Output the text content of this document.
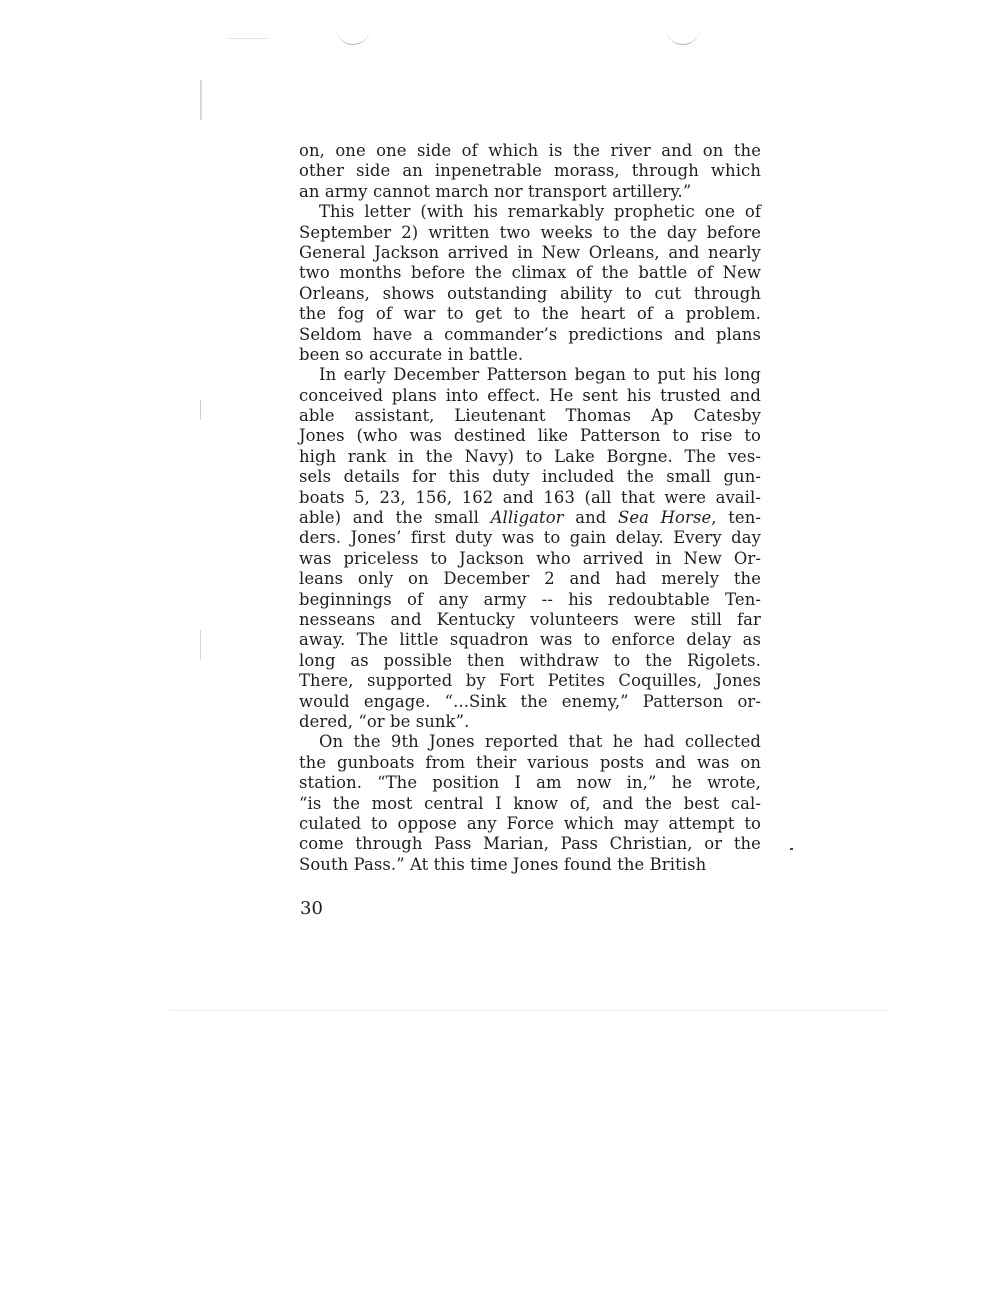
on, one one side of which is the river and on the
other side an inpenetrable morass, through which
an army cannot march nor transport artillery.”
This letter (with his remarkably prophetic one of
September 2) written two weeks to the day before
General Jackson arrived in New Orleans, and nearly
two months before the climax of the battle of New
Orleans, shows outstanding ability to cut through
the fog of war to get to the heart of a problem.
Seldom have a commander’s predictions and plans
been so accurate in battle.
In early December Patterson began to put his long
conceived plans into effect. He sent his trusted and
able assistant, Lieutenant Thomas Ap Catesby
Jones (who was destined like Patterson to rise to
high rank in the Navy) to Lake Borgne. The ves-
sels details for this duty included the small gun-
boats 5, 23, 156, 162 and 163 (all that were avail-
able) and the small Alligator and Sea Horse, ten-
ders. Jones’ first duty was to gain delay. Every day
was priceless to Jackson who arrived in New Or-
leans only on December 2 and had merely the
beginnings of any army -- his redoubtable Ten-
nesseans and Kentucky volunteers were still far
away. The little squadron was to enforce delay as
long as possible then withdraw to the Rigolets.
There, supported by Fort Petites Coquilles, Jones
would engage. “...Sink the enemy,” Patterson or-
dered, “or be sunk”.
On the 9th Jones reported that he had collected
the gunboats from their various posts and was on
station. “The position I am now in,” he wrote,
“is the most central I know of, and the best cal-
culated to oppose any Force which may attempt to
come through Pass Marian, Pass Christian, or the
South Pass.” At this time Jones found the British
30
